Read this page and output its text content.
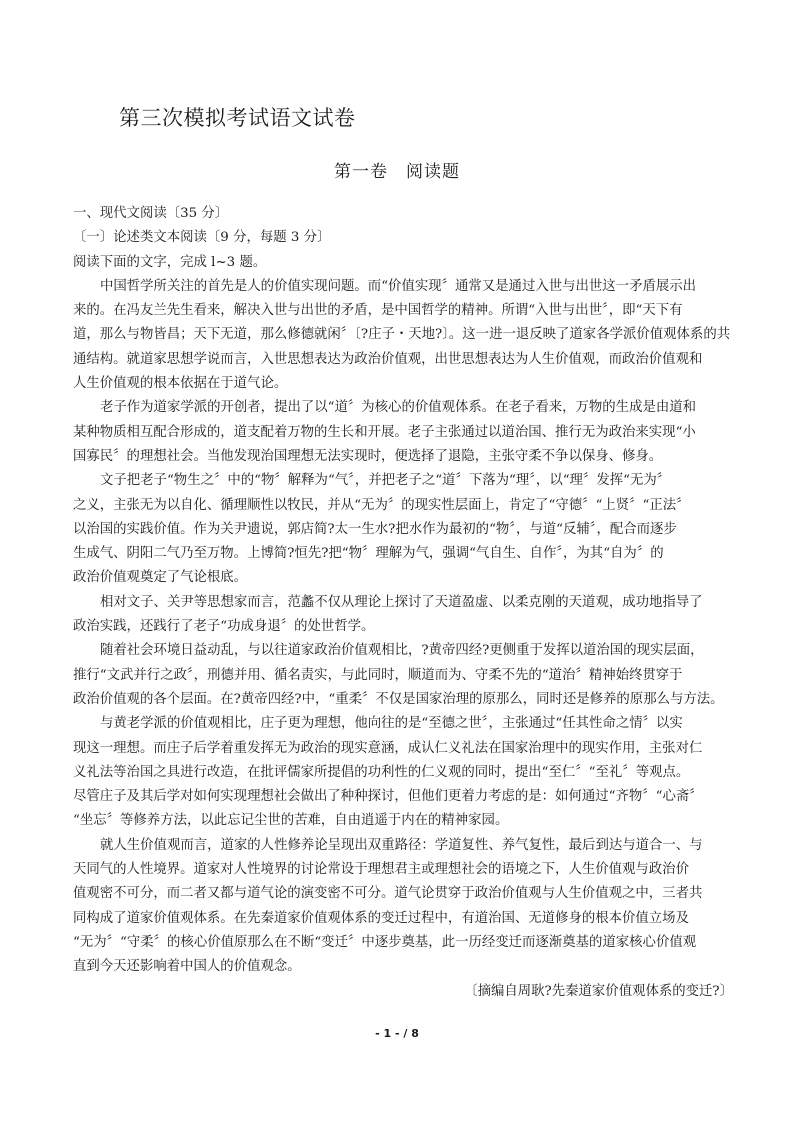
第三次模拟考试语文试卷
第一卷　阅读题
一、现代文阅读〔35 分〕
〔一〕论述类文本阅读〔9 分，每题 3 分〕
阅读下面的文字，完成 l~3 题。
中国哲学所关注的首先是人的价值实现问题。而“价值实现〞通常又是通过入世与出世这一矛盾展示出
来的。在冯友兰先生看来，解决入世与出世的矛盾，是中国哲学的精神。所谓“入世与出世〞，即“天下有
道，那么与物皆昌；天下无道，那么修德就闲〞〔?庄子・天地?〕。这一进一退反映了道家各学派价值观体系的共
通结构。就道家思想学说而言，入世思想表达为政治价值观，出世思想表达为人生价值观，而政治价值观和
人生价值观的根本依据在于道气论。
老子作为道家学派的开创者，提出了以“道〞为核心的价值观体系。在老子看来，万物的生成是由道和
某种物质相互配合形成的，道支配着万物的生长和开展。老子主张通过以道治国、推行无为政治来实现“小
国寡民〞的理想社会。当他发现治国理想无法实现时，便选择了退隐，主张守柔不争以保身、修身。
文子把老子“物生之〞中的“物〞解释为“气〞，并把老子之“道〞下落为“理〞，以“理〞发挥“无为〞
之义，主张无为以自化、循理顺性以牧民，并从“无为〞的现实性层面上，肯定了“守德〞“上贤〞“正法〞
以治国的实践价值。作为关尹遗说，郭店简?太一生水?把水作为最初的“物〞，与道“反辅〞，配合而逐步
生成气、阴阳二气乃至万物。上博简?恒先?把“物〞理解为气，强调“气自生、自作〞，为其“自为〞的
政治价值观奠定了气论根底。
相对文子、关尹等思想家而言，范蠡不仅从理论上探讨了天道盈虚、以柔克刚的天道观，成功地指导了
政治实践，还践行了老子“功成身退〞的处世哲学。
随着社会环境日益动乱，与以往道家政治价值观相比，?黄帝四经?更侧重于发挥以道治国的现实层面，
推行“文武并行之政〞，刑德并用、循名责实，与此同时，顺道而为、守柔不先的“道治〞精神始终贯穿于
政治价值观的各个层面。在?黄帝四经?中，“重柔〞不仅是国家治理的原那么，同时还是修养的原那么与方法。
与黄老学派的价值观相比，庄子更为理想，他向往的是“至德之世〞，主张通过“任其性命之情〞以实
现这一理想。而庄子后学着重发挥无为政治的现实意涵，成认仁义礼法在国家治理中的现实作用，主张对仁
义礼法等治国之具进行改造，在批评儒家所提倡的功利性的仁义观的同时，提出“至仁〞“至礼〞等观点。
尽管庄子及其后学对如何实现理想社会做出了种种探讨，但他们更着力考虑的是：如何通过“齐物〞“心斋〞
“坐忘〞等修养方法，以此忘记尘世的苦难，自由逍遥于内在的精神家园。
就人生价值观而言，道家的人性修养论呈现出双重路径：学道复性、养气复性，最后到达与道合一、与
天同气的人性境界。道家对人性境界的讨论常设于理想君主或理想社会的语境之下，人生价值观与政治价
值观密不可分，而二者又都与道气论的演变密不可分。道气论贯穿于政治价值观与人生价值观之中，三者共
同构成了道家价值观体系。在先秦道家价值观体系的变迁过程中，有道治国、无道修身的根本价值立场及
“无为〞“守柔〞的核心价值原那么在不断“变迁〞中逐步奠基，此一历经变迁而逐渐奠基的道家核心价值观
直到今天还影响着中国人的价值观念。
〔摘编自周耿?先秦道家价值观体系的变迁?〕
- 1 - / 8
